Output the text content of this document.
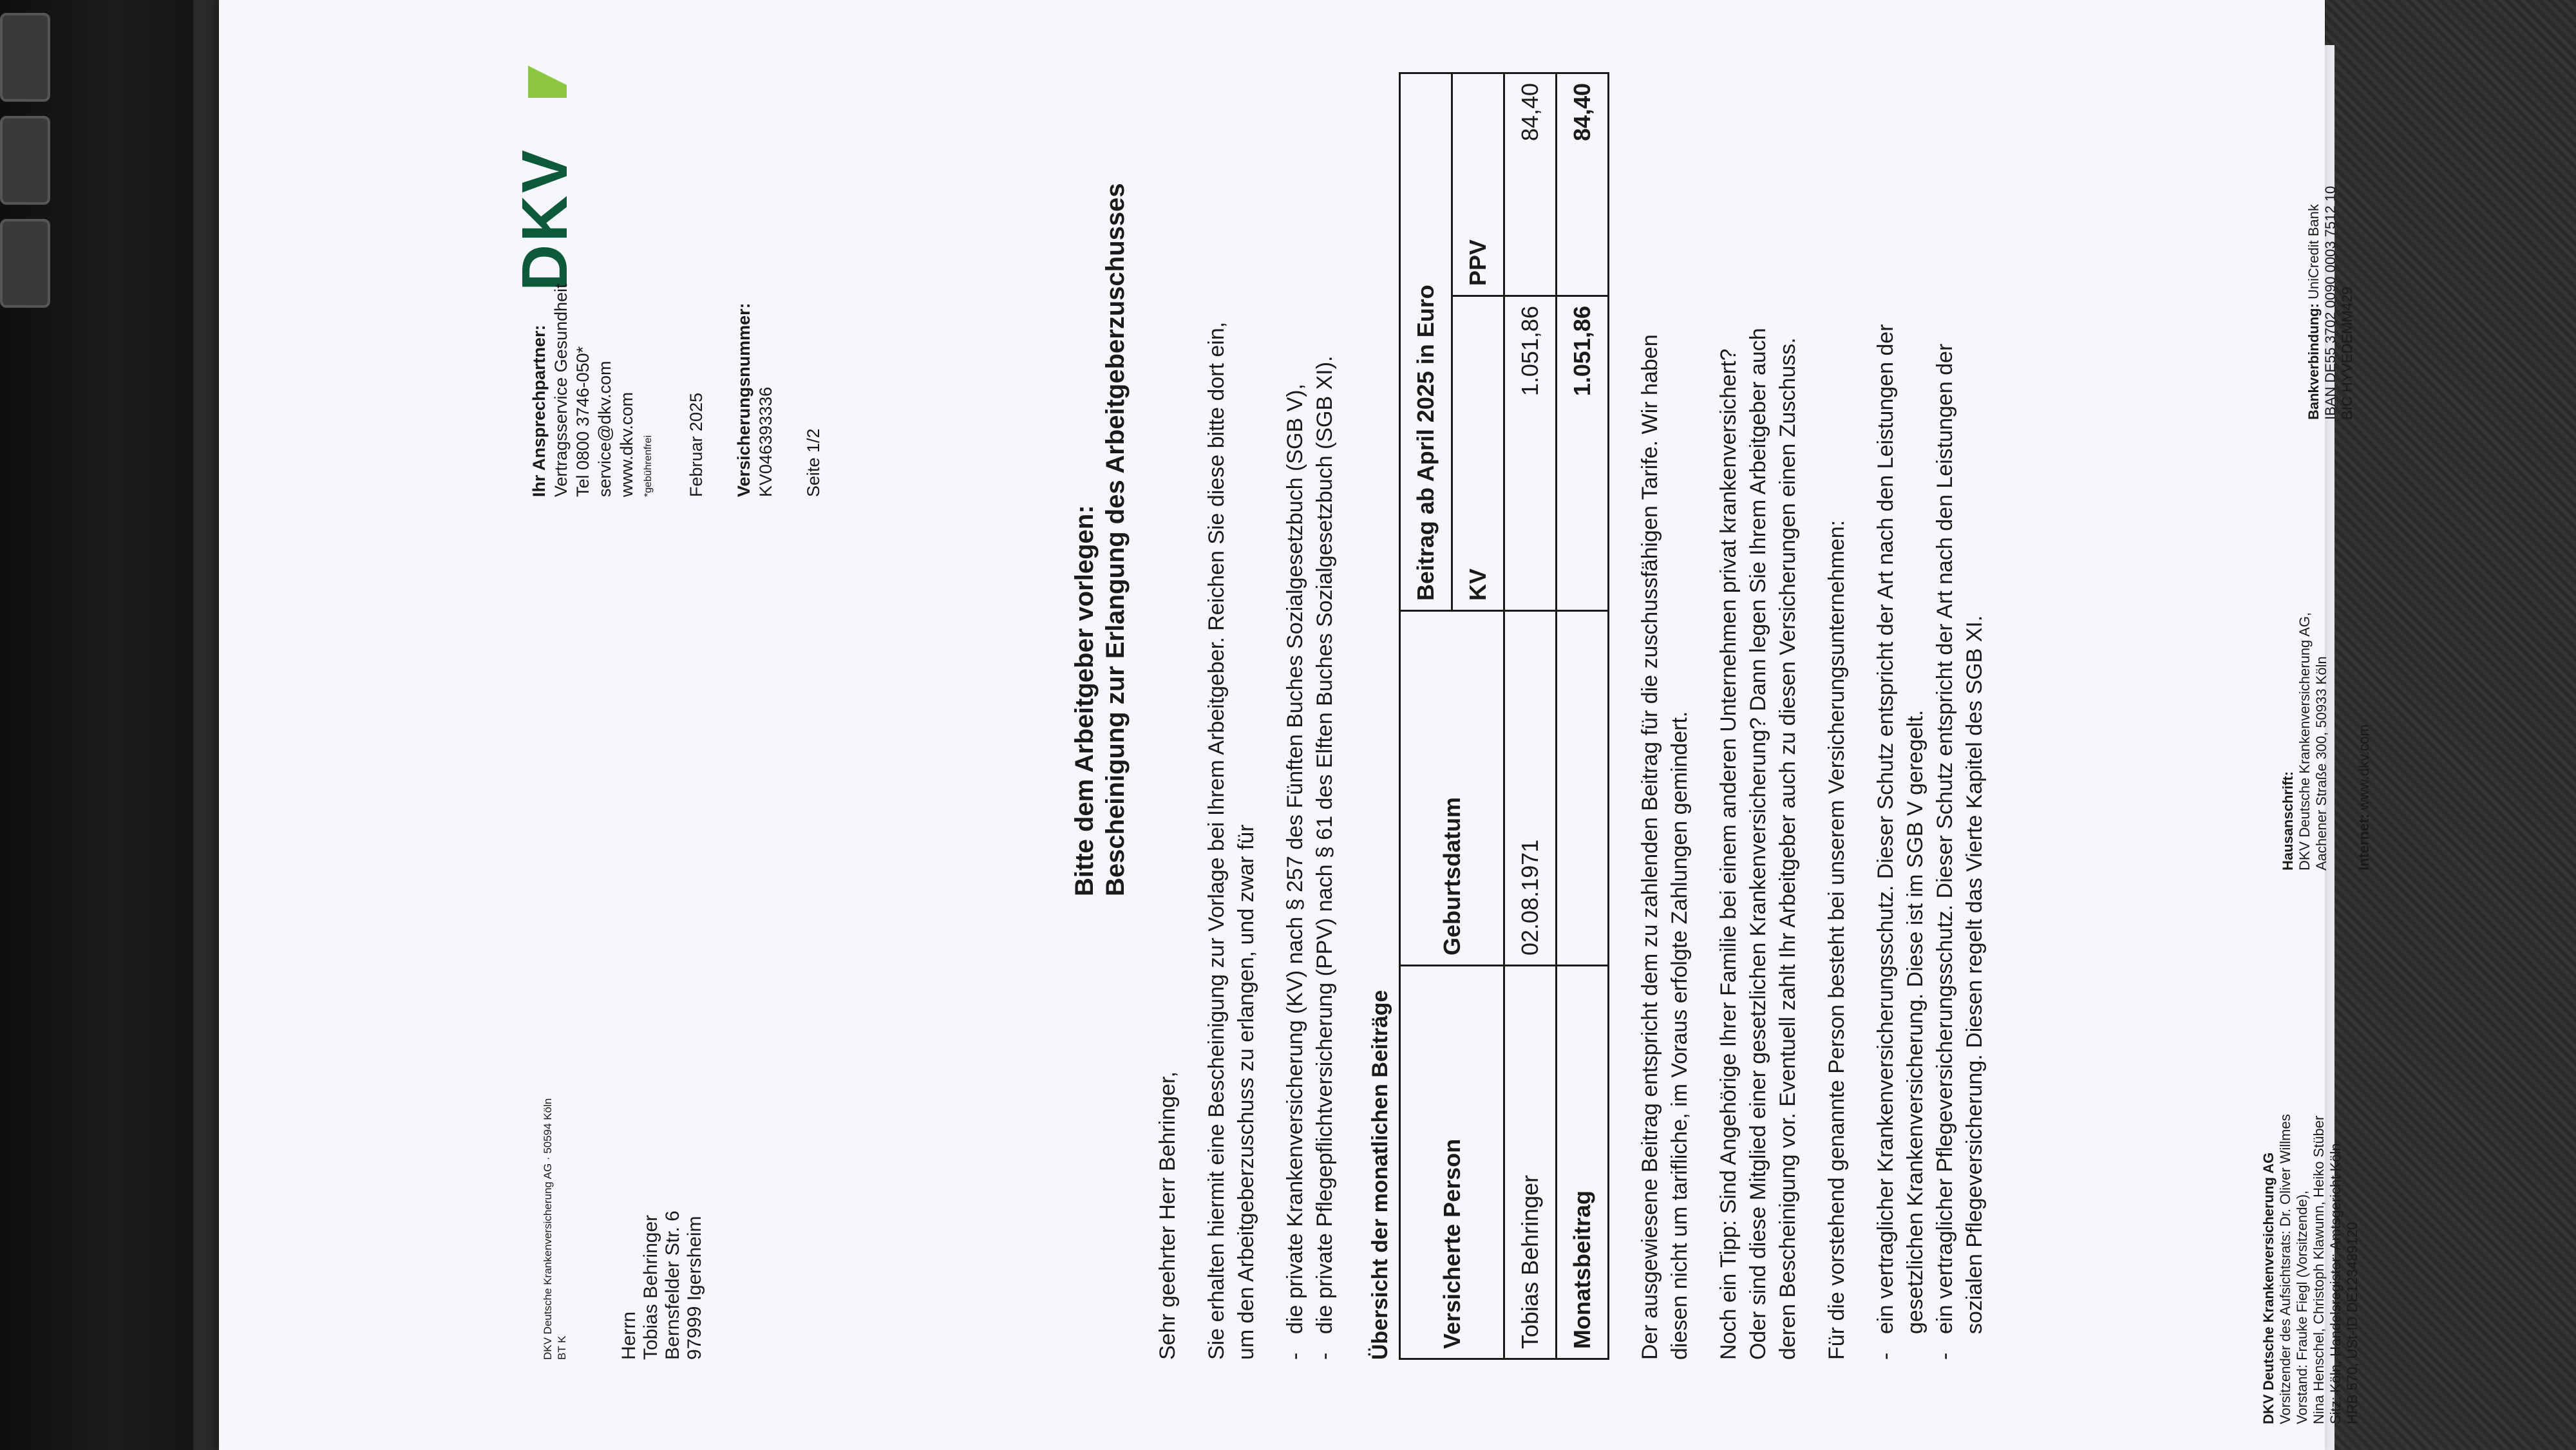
DKV
DKV Deutsche Krankenversicherung AG · 50594 Köln BT K	Herrn Tobias Behringer Bernsfelder Str. 6 97999 Igersheim
Ihr Ansprechpartner: Vertragsservice Gesundheit Tel 0800 3746-050* service@dkv.com www.dkv.com *gebührenfrei	Februar 2025 Versicherungsnummer: KV046393336 Seite 1/2
Bitte dem Arbeitgeber vorlegen: Bescheinigung zur Erlangung des Arbeitgeberzuschusses
Sehr geehrter Herr Behringer, Sie erhalten hiermit eine Bescheinigung zur Vorlage bei Ihrem Arbeitgeber. Reichen Sie diese bitte dort ein, um den Arbeitgeberzuschuss zu erlangen, und zwar für -
die private Krankenversicherung (KV) nach § 257 des Fünften Buches Sozialgesetzbuch (SGB V),
-
die private Pflegepflichtversicherung (PPV) nach § 61 des Elften Buches Sozialgesetzbuch (SGB XI). Übersicht der monatlichen Beiträge Versicherte Person	Geburtsdatum	Beitrag ab April 2025 in Euro	
		KV	PPV
Tobias Behringer	02.08.1971	1.051,86	84,40
Monatsbeitrag		1.051,86	84,40
Der ausgewiesene Beitrag entspricht dem zu zahlenden Beitrag für die zuschussfähigen Tarife. Wir haben diesen nicht um tarifliche, im Voraus erfolgte Zahlungen gemindert. Noch ein Tipp: Sind Angehörige Ihrer Familie bei einem anderen Unternehmen privat krankenversichert? Oder sind diese Mitglied einer gesetzlichen Krankenversicherung? Dann legen Sie Ihrem Arbeitgeber auch deren Bescheinigung vor. Eventuell zahlt Ihr Arbeitgeber auch zu diesen Versicherungen einen Zuschuss. Für die vorstehend genannte Person besteht bei unserem Versicherungsunternehmen: -
ein vertraglicher Krankenversicherungsschutz. Dieser Schutz entspricht der Art nach den Leistungen der gesetzlichen Krankenversicherung. Diese ist im SGB V geregelt.
-
ein vertraglicher Pflegeversicherungsschutz. Dieser Schutz entspricht der Art nach den Leistungen der sozialen Pflegeversicherung. Diesen regelt das Vierte Kapitel des SGB XI.	DKV Deutsche Krankenversicherung AG Vorsitzender des Aufsichtsrats: Dr. Oliver Willmes Vorstand: Frauke Fiegl (Vorsitzende), Nina Henschel, Christoph Klawunn, Heiko Stüber Sitz: Köln, Handelsregister: Amtsgericht Köln HRB 570, USt-ID DE123489120
Hausanschrift: DKV Deutsche Krankenversicherung AG, Aachener Straße 300, 50933 Köln Internet: www.dkv.com
Bankverbindung: UniCredit Bank IBAN DE55 3702 0090 0003 7512 10 BIC HYVEDEMM429
